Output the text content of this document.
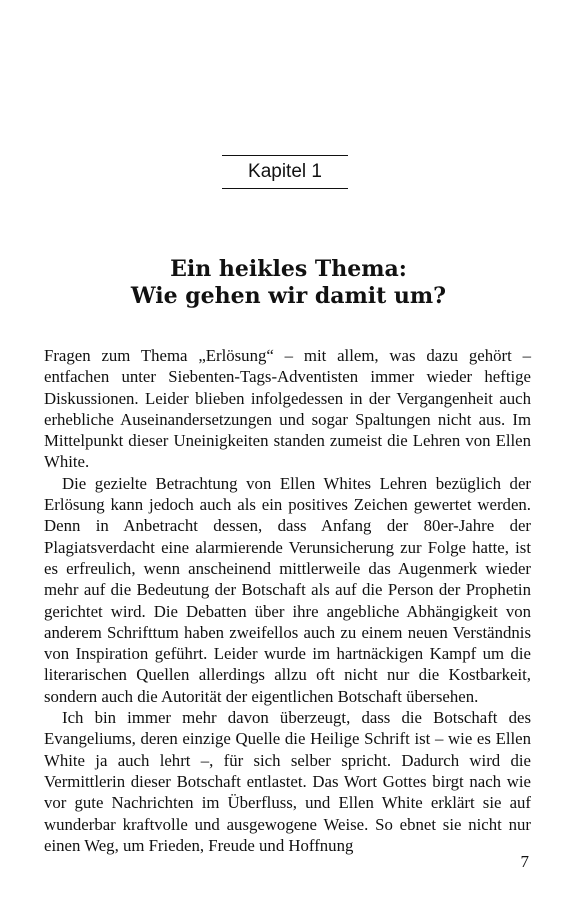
Kapitel 1
Ein heikles Thema:
Wie gehen wir damit um?

Fragen zum Thema „Erlösung“ – mit allem, was dazu gehört – entfachen unter Siebenten-Tags-Adventisten immer wieder heftige Diskussionen. Leider blieben infolgedessen in der Vergangenheit auch erhebliche Auseinandersetzungen und sogar Spaltungen nicht aus. Im Mittelpunkt dieser Uneinigkeiten standen zumeist die Lehren von Ellen White.

Die gezielte Betrachtung von Ellen Whites Lehren bezüglich der Erlösung kann jedoch auch als ein positives Zeichen gewertet werden. Denn in Anbetracht dessen, dass Anfang der 80er-Jahre der Plagiatsverdacht eine alarmierende Verunsicherung zur Folge hatte, ist es erfreulich, wenn anscheinend mittlerweile das Augenmerk wieder mehr auf die Bedeutung der Botschaft als auf die Person der Prophetin gerichtet wird. Die Debatten über ihre angebliche Abhängigkeit von anderem Schrifttum haben zweifellos auch zu einem neuen Verständnis von Inspiration geführt. Leider wurde im hartnäckigen Kampf um die literarischen Quellen allerdings allzu oft nicht nur die Kostbarkeit, sondern auch die Autorität der eigentlichen Botschaft übersehen.

Ich bin immer mehr davon überzeugt, dass die Botschaft des Evangeliums, deren einzige Quelle die Heilige Schrift ist – wie es Ellen White ja auch lehrt –, für sich selber spricht. Dadurch wird die Vermittlerin dieser Botschaft entlastet. Das Wort Gottes birgt nach wie vor gute Nachrichten im Überfluss, und Ellen White erklärt sie auf wunderbar kraftvolle und ausgewogene Weise. So ebnet sie nicht nur einen Weg, um Frieden, Freude und Hoffnung

7
